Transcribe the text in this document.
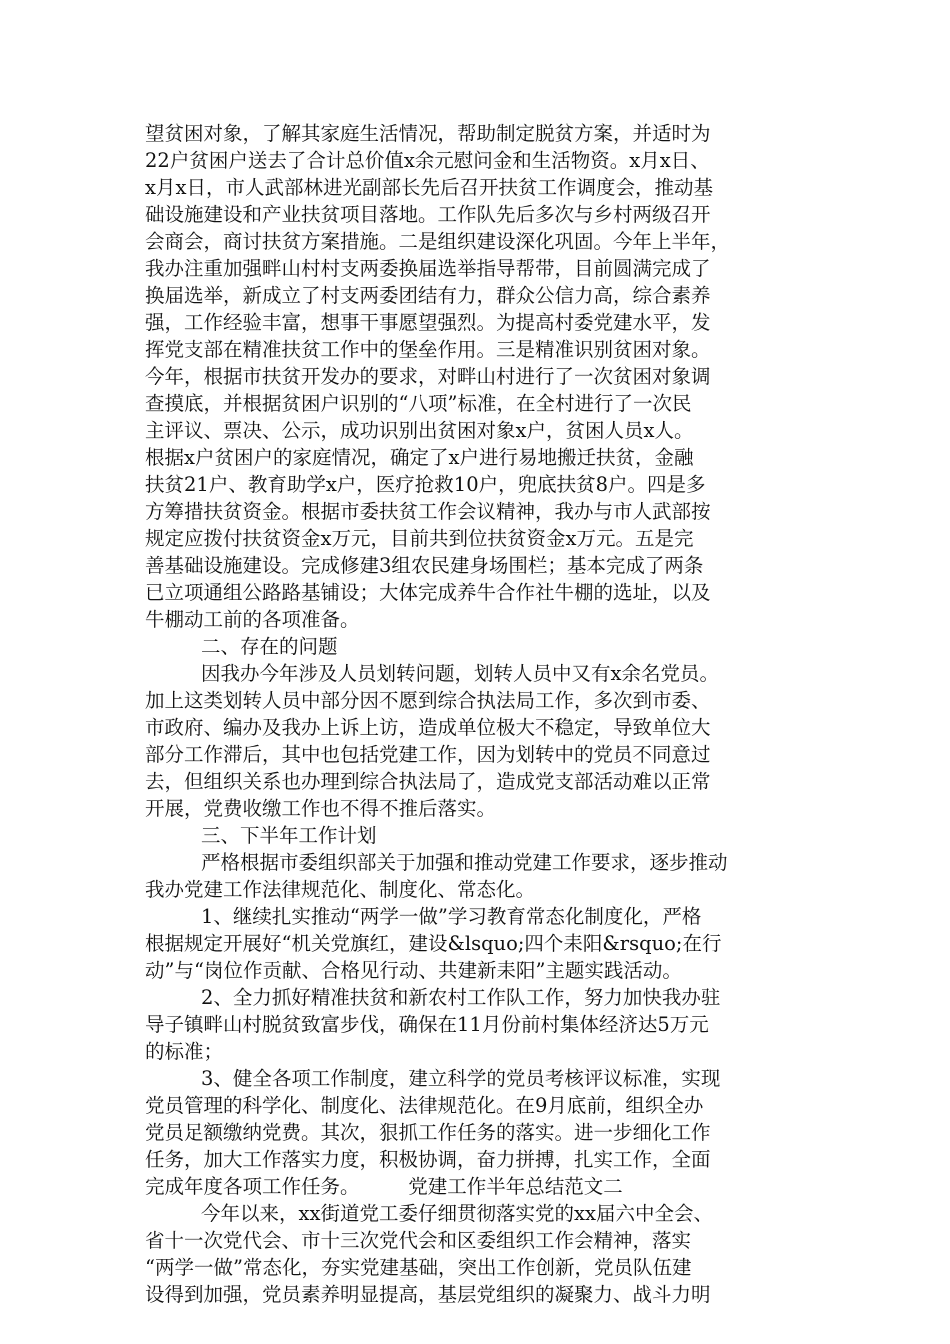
望贫困对象，了解其家庭生活情况，帮助制定脱贫方案，并适时为
22户贫困户送去了合计总价值x余元慰问金和生活物资。x月x日、
x月x日，市人武部林进光副部长先后召开扶贫工作调度会，推动基
础设施建设和产业扶贫项目落地。工作队先后多次与乡村两级召开
会商会，商讨扶贫方案措施。二是组织建设深化巩固。今年上半年，
我办注重加强畔山村村支两委换届选举指导帮带，目前圆满完成了
换届选举，新成立了村支两委团结有力，群众公信力高，综合素养
强，工作经验丰富，想事干事愿望强烈。为提高村委党建水平，发
挥党支部在精准扶贫工作中的堡垒作用。三是精准识别贫困对象。
今年，根据市扶贫开发办的要求，对畔山村进行了一次贫困对象调
查摸底，并根据贫困户识别的“八项”标准，在全村进行了一次民
主评议、票决、公示，成功识别出贫困对象x户，贫困人员x人。
根据x户贫困户的家庭情况，确定了x户进行易地搬迁扶贫，金融
扶贫21户、教育助学x户，医疗抢救10户，兜底扶贫8户。四是多
方筹措扶贫资金。根据市委扶贫工作会议精神，我办与市人武部按
规定应拨付扶贫资金x万元，目前共到位扶贫资金x万元。五是完
善基础设施建设。完成修建3组农民建身场围栏；基本完成了两条
已立项通组公路路基铺设；大体完成养牛合作社牛棚的选址，以及
牛棚动工前的各项准备。
二、存在的问题
因我办今年涉及人员划转问题，划转人员中又有x余名党员。
加上这类划转人员中部分因不愿到综合执法局工作，多次到市委、
市政府、编办及我办上诉上访，造成单位极大不稳定，导致单位大
部分工作滞后，其中也包括党建工作，因为划转中的党员不同意过
去，但组织关系也办理到综合执法局了，造成党支部活动难以正常
开展，党费收缴工作也不得不推后落实。
三、下半年工作计划
严格根据市委组织部关于加强和推动党建工作要求，逐步推动
我办党建工作法律规范化、制度化、常态化。
1、继续扎实推动“两学一做”学习教育常态化制度化，严格
根据规定开展好“机关党旗红，建设&lsquo;四个耒阳&rsquo;在行
动”与“岗位作贡献、合格见行动、共建新耒阳”主题实践活动。
2、全力抓好精准扶贫和新农村工作队工作，努力加快我办驻
导子镇畔山村脱贫致富步伐，确保在11月份前村集体经济达5万元
的标准；
3、健全各项工作制度，建立科学的党员考核评议标准，实现
党员管理的科学化、制度化、法律规范化。在9月底前，组织全办
党员足额缴纳党费。其次，狠抓工作任务的落实。进一步细化工作
任务，加大工作落实力度，积极协调，奋力拼搏，扎实工作，全面
完成年度各项工作任务。　　　党建工作半年总结范文二
今年以来，xx街道党工委仔细贯彻落实党的xx届六中全会、
省十一次党代会、市十三次党代会和区委组织工作会精神，落实
“两学一做”常态化，夯实党建基础，突出工作创新，党员队伍建
设得到加强，党员素养明显提高，基层党组织的凝聚力、战斗力明
